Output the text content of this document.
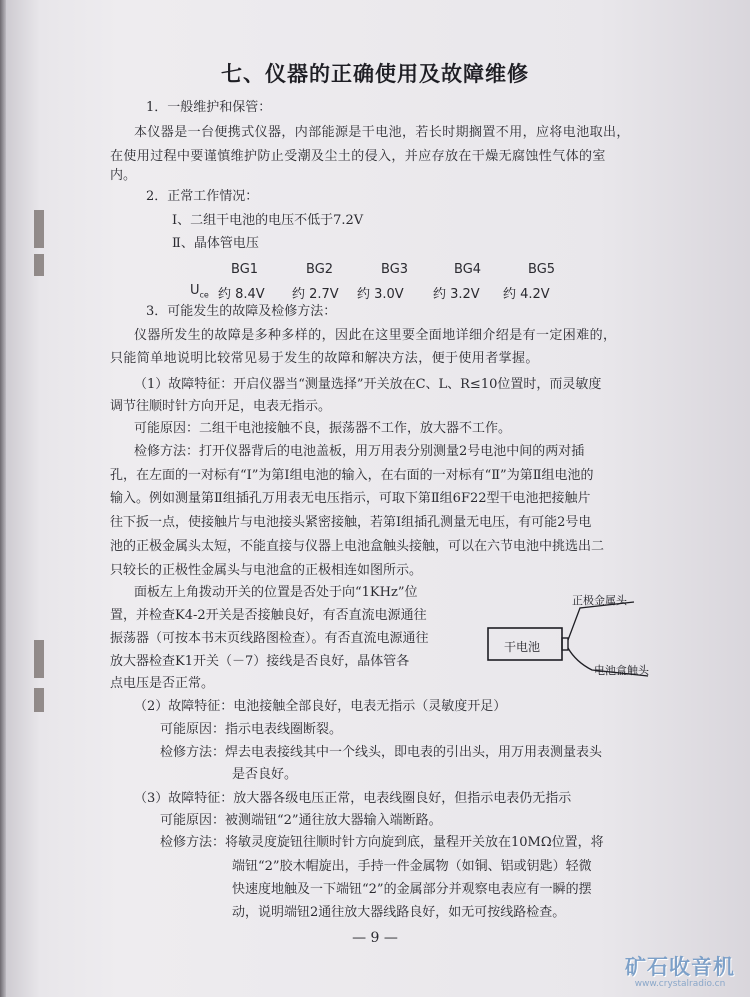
七、仪器的正确使用及故障维修
1．一般维护和保管：
本仪器是一台便携式仪器，内部能源是干电池，若长时期搁置不用，应将电池取出，
在使用过程中要谨慎维护防止受潮及尘土的侵入，并应存放在干燥无腐蚀性气体的室
内。
2．正常工作情况：
Ⅰ、二组干电池的电压不低于7.2V
Ⅱ、晶体管电压
BG1	BG2	BG3	BG4	BG5
$U_{ce}$ 约 8.4V 约 2.7V 约 3.0V 约 3.2V 约 4.2V
3．可能发生的故障及检修方法：
仪器所发生的故障是多种多样的，因此在这里要全面地详细介绍是有一定困难的，
只能简单地说明比较常见易于发生的故障和解决方法，便于使用者掌握。
（1）故障特征：开启仪器当“测量选择”开关放在C、L、R≤10位置时，而灵敏度
调节往顺时针方向开足，电表无指示。
可能原因：二组干电池接触不良，振荡器不工作，放大器不工作。
检修方法：打开仪器背后的电池盖板，用万用表分别测量2号电池中间的两对插
孔，在左面的一对标有“Ⅰ”为第Ⅰ组电池的输入，在右面的一对标有“Ⅱ”为第Ⅱ组电池的
输入。例如测量第Ⅱ组插孔万用表无电压指示，可取下第Ⅱ组6F22型干电池把接触片
往下扳一点，使接触片与电池接头紧密接触，若第Ⅰ组插孔测量无电压，有可能2号电
池的正极金属头太短，不能直接与仪器上电池盒触头接触，可以在六节电池中挑选出二
只较长的正极性金属头与电池盒的正极相连如图所示。
面板左上角拨动开关的位置是否处于向“1KHz”位
置，并检查K4-2开关是否接触良好，有否直流电源通往
振荡器（可按本书末页线路图检查）。有否直流电源通往
放大器检查K1开关（－7）接线是否良好，晶体管各
点电压是否正常。
干电池
正极金属头
电池盒触头
（2）故障特征：电池接触全部良好，电表无指示（灵敏度开足）
可能原因：指示电表线圈断裂。
检修方法：焊去电表接线其中一个线头，即电表的引出头，用万用表测量表头
是否良好。
（3）故障特征：放大器各级电压正常，电表线圈良好，但指示电表仍无指示
可能原因：被测端钮“2”通往放大器输入端断路。
检修方法：将敏灵度旋钮往顺时针方向旋到底，量程开关放在10MΩ位置，将
端钮“2”胶木帽旋出，手持一件金属物（如铜、铝或钥匙）轻微
快速度地触及一下端钮“2”的金属部分并观察电表应有一瞬的摆
动，说明端钮2通往放大器线路良好，如无可按线路检查。
— 9 —
矿石收音机
www.crystalradio.cn
